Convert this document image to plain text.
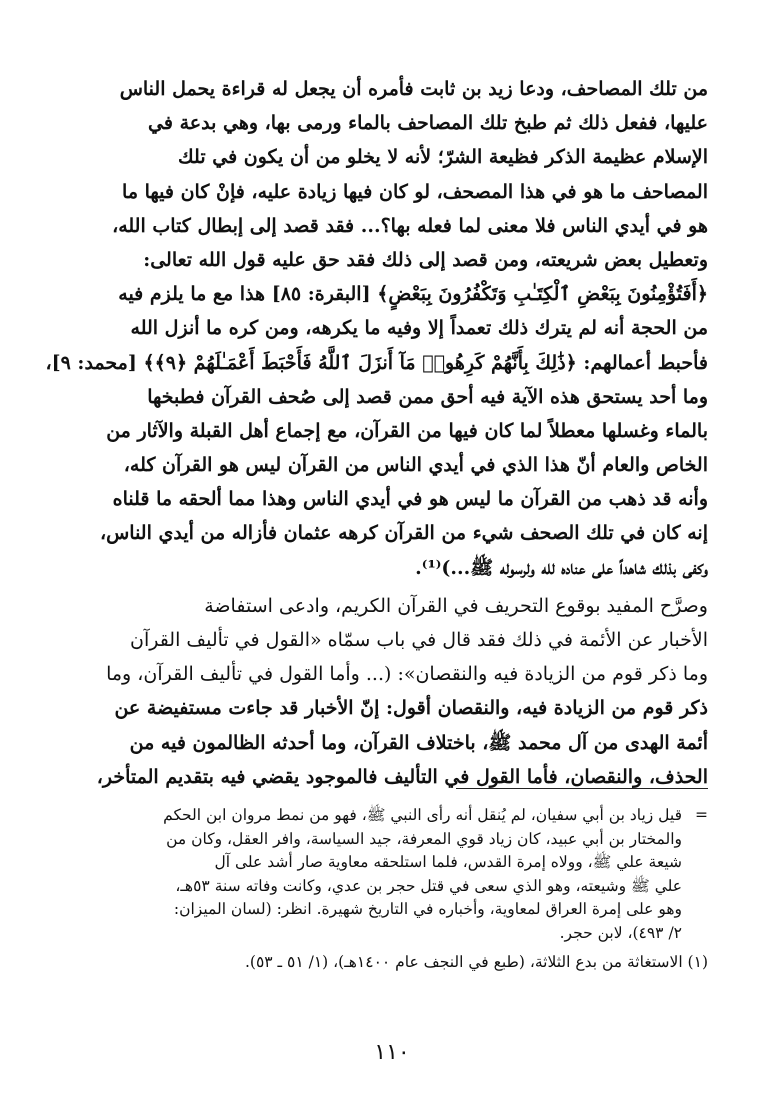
من تلك المصاحف، ودعا زيد بن ثابت فأمره أن يجعل له قراءة يحمل الناس
عليها، ففعل ذلك ثم طبخ تلك المصاحف بالماء ورمى بها، وهي بدعة في
الإسلام عظيمة الذكر فظيعة الشرّ؛ لأنه لا يخلو من أن يكون في تلك
المصاحف ما هو في هذا المصحف، لو كان فيها زيادة عليه، فإنْ كان فيها ما
هو في أيدي الناس فلا معنى لما فعله بها؟... فقد قصد إلى إبطال كتاب الله،
وتعطيل بعض شريعته، ومن قصد إلى ذلك فقد حق عليه قول الله تعالى:
﴿أَفَتُؤْمِنُونَ بِبَعْضِ ٱلْكِتَـٰبِ وَتَكْفُرُونَ بِبَعْضٍ﴾ [البقرة: ٨٥] هذا مع ما يلزم فيه
من الحجة أنه لم يترك ذلك تعمداً إلا وفيه ما يكرهه، ومن كره ما أنزل الله
فأحبط أعمالهم: ﴿ذَٰلِكَ بِأَنَّهُمْ كَرِهُوا۟ مَآ أَنزَلَ ٱللَّهُ فَأَحْبَطَ أَعْمَـٰلَهُمْ ﴿٩﴾﴾ [محمد: ٩]،
وما أحد يستحق هذه الآية فيه أحق ممن قصد إلى صُحف القرآن فطبخها
بالماء وغسلها معطلاً لما كان فيها من القرآن، مع إجماع أهل القبلة والآثار من
الخاص والعام أنّ هذا الذي في أيدي الناس من القرآن ليس هو القرآن كله،
وأنه قد ذهب من القرآن ما ليس هو في أيدي الناس وهذا مما ألحقه ما قلناه
إنه كان في تلك الصحف شيء من القرآن كرهه عثمان فأزاله من أيدي الناس،
وكفى بذلك شاهداً على عناده لله ولرسوله ﷺ...)⁽¹⁾.
وصرَّح المفيد بوقوع التحريف في القرآن الكريم، وادعى استفاضة
الأخبار عن الأئمة في ذلك فقد قال في باب سمّاه «القول في تأليف القرآن
وما ذكر قوم من الزيادة فيه والنقصان»: (... وأما القول في تأليف القرآن، وما
ذكر قوم من الزيادة فيه، والنقصان أقول: إنّ الأخبار قد جاءت مستفيضة عن
أئمة الهدى من آل محمد ﷺ، باختلاف القرآن، وما أحدثه الظالمون فيه من
الحذف، والنقصان، فأما القول في التأليف فالموجود يقضي فيه بتقديم المتأخر،
=
قيل زياد بن أبي سفيان، لم يُنقل أنه رأى النبي ﷺ، فهو من نمط مروان ابن الحكم
والمختار بن أبي عبيد، كان زياد قوي المعرفة، جيد السياسة، وافر العقل، وكان من
شيعة علي ﷺ، وولاه إمرة القدس، فلما استلحقه معاوية صار أشد على آل
علي ﷺ وشيعته، وهو الذي سعى في قتل حجر بن عدي، وكانت وفاته سنة ٥٣هـ،
وهو على إمرة العراق لمعاوية، وأخباره في التاريخ شهيرة. انظر: (لسان الميزان:
٢/ ٤٩٣)، لابن حجر.
(١) الاستغاثة من بدع الثلاثة، (طبع في النجف عام ١٤٠٠هـ)، (١/ ٥١ ـ ٥٣).
١١٠
